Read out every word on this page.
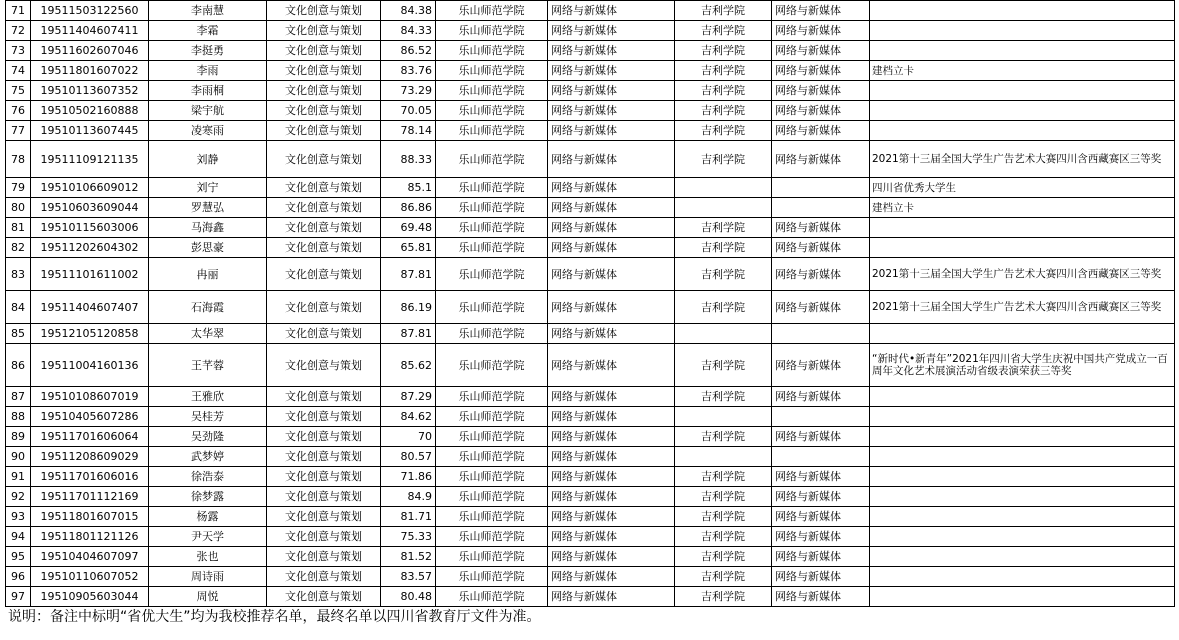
71	19511503122560	李南慧	文化创意与策划	84.38	乐山师范学院	网络与新媒体	吉利学院	网络与新媒体	
72	19511404607411	李霜	文化创意与策划	84.33	乐山师范学院	网络与新媒体	吉利学院	网络与新媒体	
73	19511602607046	李挺勇	文化创意与策划	86.52	乐山师范学院	网络与新媒体	吉利学院	网络与新媒体	
74	19511801607022	李雨	文化创意与策划	83.76	乐山师范学院	网络与新媒体	吉利学院	网络与新媒体	建档立卡
75	19510113607352	李雨桐	文化创意与策划	73.29	乐山师范学院	网络与新媒体	吉利学院	网络与新媒体	
76	19510502160888	梁宇航	文化创意与策划	70.05	乐山师范学院	网络与新媒体	吉利学院	网络与新媒体	
77	19510113607445	凌寒雨	文化创意与策划	78.14	乐山师范学院	网络与新媒体	吉利学院	网络与新媒体	
78	19511109121135	刘静	文化创意与策划	88.33	乐山师范学院	网络与新媒体	吉利学院	网络与新媒体	2021第十三届全国大学生广告艺术大赛四川含西藏赛区三等奖
79	19510106609012	刘宁	文化创意与策划	85.1	乐山师范学院	网络与新媒体			四川省优秀大学生
80	19510603609044	罗慧弘	文化创意与策划	86.86	乐山师范学院	网络与新媒体			建档立卡
81	19510115603006	马海鑫	文化创意与策划	69.48	乐山师范学院	网络与新媒体	吉利学院	网络与新媒体	
82	19511202604302	彭思豪	文化创意与策划	65.81	乐山师范学院	网络与新媒体	吉利学院	网络与新媒体	
83	19511101611002	冉丽	文化创意与策划	87.81	乐山师范学院	网络与新媒体	吉利学院	网络与新媒体	2021第十三届全国大学生广告艺术大赛四川含西藏赛区三等奖
84	19511404607407	石海霞	文化创意与策划	86.19	乐山师范学院	网络与新媒体	吉利学院	网络与新媒体	2021第十三届全国大学生广告艺术大赛四川含西藏赛区三等奖
85	19512105120858	太华翠	文化创意与策划	87.81	乐山师范学院	网络与新媒体			
86	19511004160136	王芊蓉	文化创意与策划	85.62	乐山师范学院	网络与新媒体	吉利学院	网络与新媒体	“新时代•新青年”2021年四川省大学生庆祝中国共产党成立一百周年文化艺术展演活动省级表演荣获三等奖
87	19510108607019	王雅欣	文化创意与策划	87.29	乐山师范学院	网络与新媒体	吉利学院	网络与新媒体	
88	19510405607286	吴桂芳	文化创意与策划	84.62	乐山师范学院	网络与新媒体			
89	19511701606064	吴劲隆	文化创意与策划	70	乐山师范学院	网络与新媒体	吉利学院	网络与新媒体	
90	19511208609029	武梦婷	文化创意与策划	80.57	乐山师范学院	网络与新媒体			
91	19511701606016	徐浩泰	文化创意与策划	71.86	乐山师范学院	网络与新媒体	吉利学院	网络与新媒体	
92	19511701112169	徐梦露	文化创意与策划	84.9	乐山师范学院	网络与新媒体	吉利学院	网络与新媒体	
93	19511801607015	杨露	文化创意与策划	81.71	乐山师范学院	网络与新媒体	吉利学院	网络与新媒体	
94	19511801121126	尹天学	文化创意与策划	75.33	乐山师范学院	网络与新媒体	吉利学院	网络与新媒体	
95	19510404607097	张也	文化创意与策划	81.52	乐山师范学院	网络与新媒体	吉利学院	网络与新媒体	
96	19510110607052	周诗雨	文化创意与策划	83.57	乐山师范学院	网络与新媒体	吉利学院	网络与新媒体	
97	19510905603044	周悦	文化创意与策划	80.48	乐山师范学院	网络与新媒体	吉利学院	网络与新媒体	
说明：备注中标明“省优大生”均为我校推荐名单，最终名单以四川省教育厅文件为准。
